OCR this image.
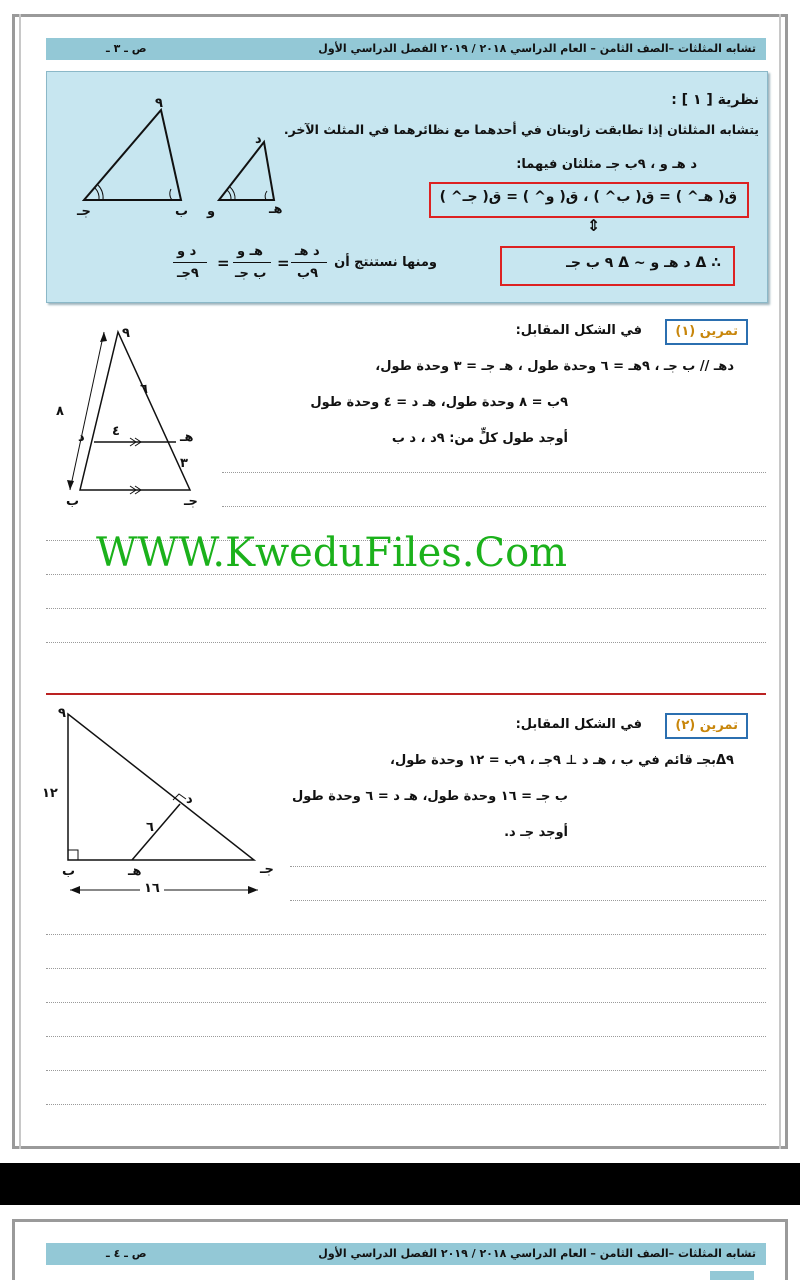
ص ـ ٣ ـ	تشابه المثلثات –الصف الثامن – العام الدراسي ٢٠١٨ / ٢٠١٩ الفصل الدراسي الأول
نظرية [ ١ ] :
يتشابه المثلثان إذا تطابقت زاويتان في أحدهما مع نظائرهما في المثلث الآخر.
د هـ و ، ٩ب جـ مثلثان فيهما:
ق( هـ^ ) = ق( ب^ ) ، ق( و^ ) = ق( جـ^ )
⇕
∴ Δ د هـ و ~ Δ ٩ ب جـ
ومنها نستنتج أن
د هـ
٩ب
=
هـ و
ب جـ
=
د و
٩جـ
٩
ب
جـ
د
هـ
و
تمرين (١)
في الشكل المقابل:
دهـ // ب جـ ، ٩هـ = ٦ وحدة طول ، هـ جـ = ٣ وحدة طول،
٩ب = ٨ وحدة طول، هـ د = ٤ وحدة طول
أوجد طول كلٍّ من: ٩د ، د ب
٩
ب	جـ
د	هـ
٦
٣
٤
٨
WWW.KweduFiles.Com
تمرين (٢)
في الشكل المقابل:
Δ٩بجـ قائم في ب ، هـ د ⊥ ٩جـ ، ٩ب = ١٢ وحدة طول،
ب جـ = ١٦ وحدة طول، هـ د = ٦ وحدة طول
أوجد جـ د.
٩
ب	جـ
د
هـ
١٢
٦
١٦
ص ـ ٤ ـ	تشابه المثلثات –الصف الثامن – العام الدراسي ٢٠١٨ / ٢٠١٩ الفصل الدراسي الأول
